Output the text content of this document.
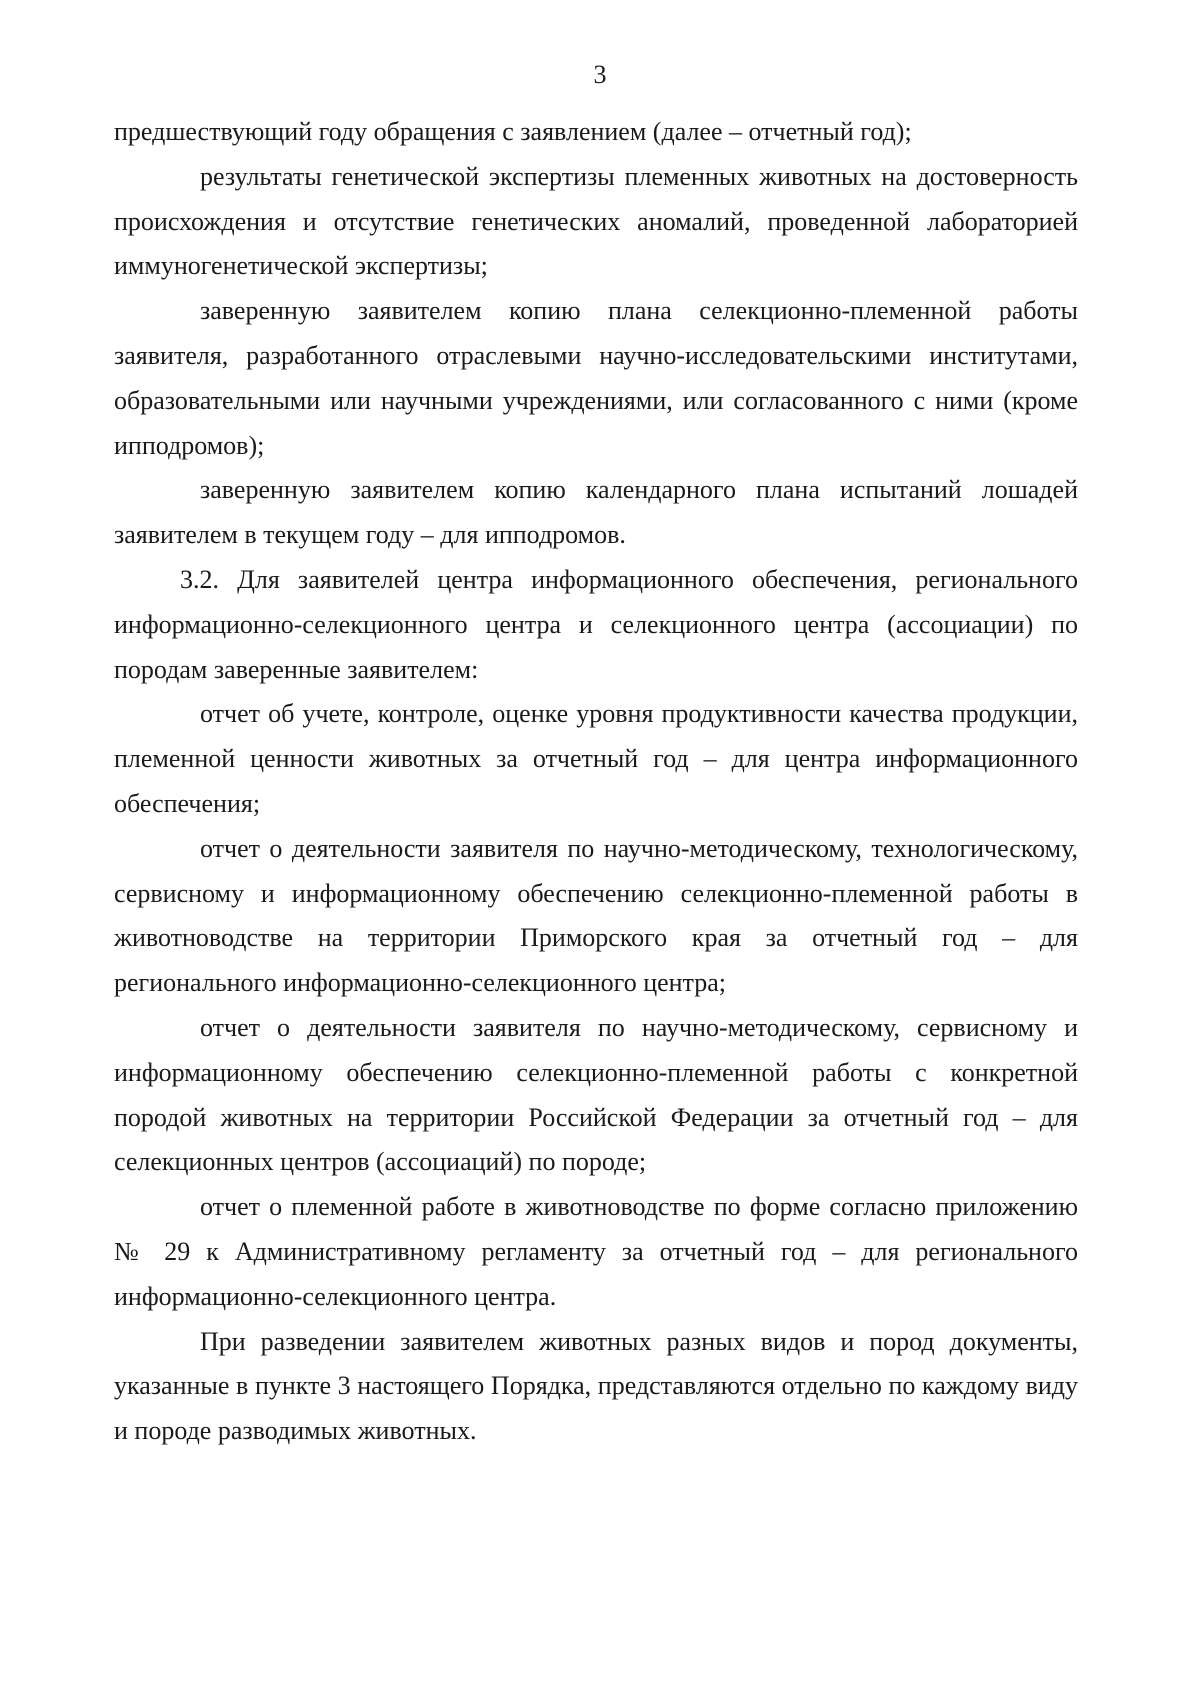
3

предшествующий году обращения с заявлением (далее – отчетный год);

результаты генетической экспертизы племенных животных на достоверность происхождения и отсутствие генетических аномалий, проведенной лабораторией иммуногенетической экспертизы;

заверенную заявителем копию плана селекционно-племенной работы заявителя, разработанного отраслевыми научно-исследовательскими институтами, образовательными или научными учреждениями, или согласованного с ними (кроме ипподромов);

заверенную заявителем копию календарного плана испытаний лошадей заявителем в текущем году – для ипподромов.

3.2. Для заявителей центра информационного обеспечения, регионального информационно-селекционного центра и селекционного центра (ассоциации) по породам заверенные заявителем:

отчет об учете, контроле, оценке уровня продуктивности качества продукции, племенной ценности животных за отчетный год – для центра информационного обеспечения;

отчет о деятельности заявителя по научно-методическому, технологическому, сервисному и информационному обеспечению селекционно-племенной работы в животноводстве на территории Приморского края за отчетный год – для регионального информационно-селекционного центра;

отчет о деятельности заявителя по научно-методическому, сервисному и информационному обеспечению селекционно-племенной работы с конкретной породой животных на территории Российской Федерации за отчетный год – для селекционных центров (ассоциаций) по породе;

отчет о племенной работе в животноводстве по форме согласно приложению № 29 к Административному регламенту за отчетный год – для регионального информационно-селекционного центра.

При разведении заявителем животных разных видов и пород документы, указанные в пункте 3 настоящего Порядка, представляются отдельно по каждому виду и породе разводимых животных.
